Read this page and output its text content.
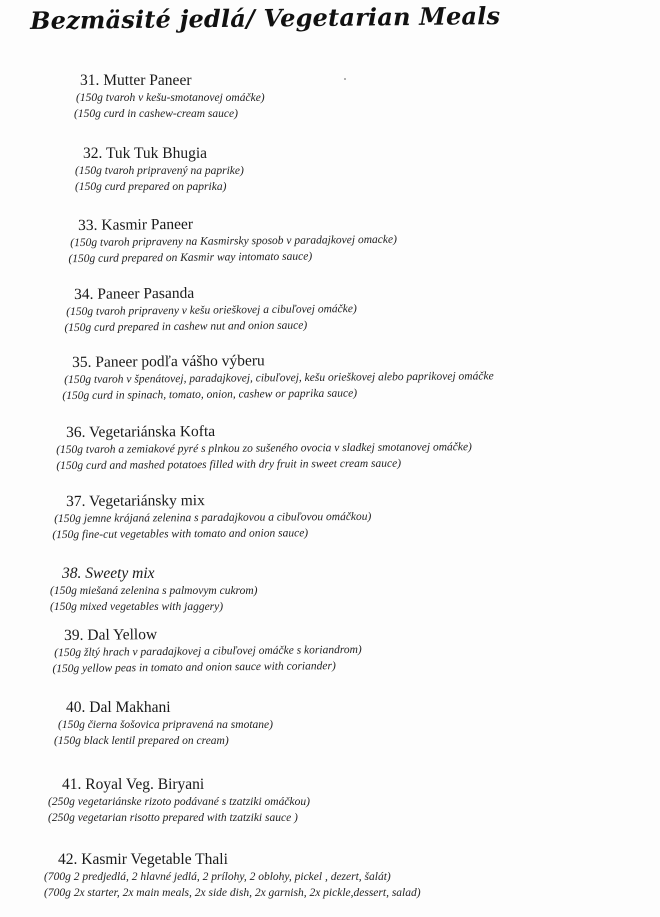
Bezmäsité jedlá/ Vegetarian Meals
31. Mutter Paneer
(150g tvaroh v kešu-smotanovej omáčke)
(150g curd in cashew-cream sauce)
32. Tuk Tuk Bhugia
(150g tvaroh pripravený na paprike)
(150g curd prepared on paprika)
33. Kasmir Paneer
(150g tvaroh pripraveny na Kasmirsky sposob v paradajkovej omacke)
(150g curd prepared on Kasmir way intomato sauce)
34. Paneer Pasanda
(150g tvaroh pripraveny v kešu orieškovej a cibuľovej omáčke)
(150g curd prepared in cashew nut and onion sauce)
35. Paneer podľa vášho výberu
(150g tvaroh v špenátovej, paradajkovej, cibuľovej, kešu orieškovej alebo paprikovej omáčke
(150g curd in spinach, tomato, onion, cashew or paprika sauce)
36. Vegetariánska Kofta
(150g tvaroh a zemiakové pyré s plnkou zo sušeného ovocia v sladkej smotanovej omáčke)
(150g curd and mashed potatoes filled with dry fruit in sweet cream sauce)
37. Vegetariánsky mix
(150g jemne krájaná zelenina s paradajkovou a cibuľovou omáčkou)
(150g fine-cut vegetables with tomato and onion sauce)
38. Sweety mix
(150g miešaná zelenina s palmovym cukrom)
(150g mixed vegetables with jaggery)
39. Dal Yellow
(150g žltý hrach v paradajkovej a cibuľovej omáčke s koriandrom)
(150g yellow peas in tomato and onion sauce with coriander)
40. Dal Makhani
(150g čierna šošovica pripravená na smotane)
(150g black lentil prepared on cream)
41. Royal Veg. Biryani
(250g vegetariánske rizoto podávané s tzatziki omáčkou)
(250g vegetarian risotto prepared with tzatziki sauce )
42. Kasmir Vegetable Thali
(700g 2 predjedlá, 2 hlavné jedlá, 2 prílohy, 2 oblohy, pickel , dezert, šalát)
(700g 2x starter, 2x main meals, 2x side dish, 2x garnish, 2x pickle,dessert, salad)
